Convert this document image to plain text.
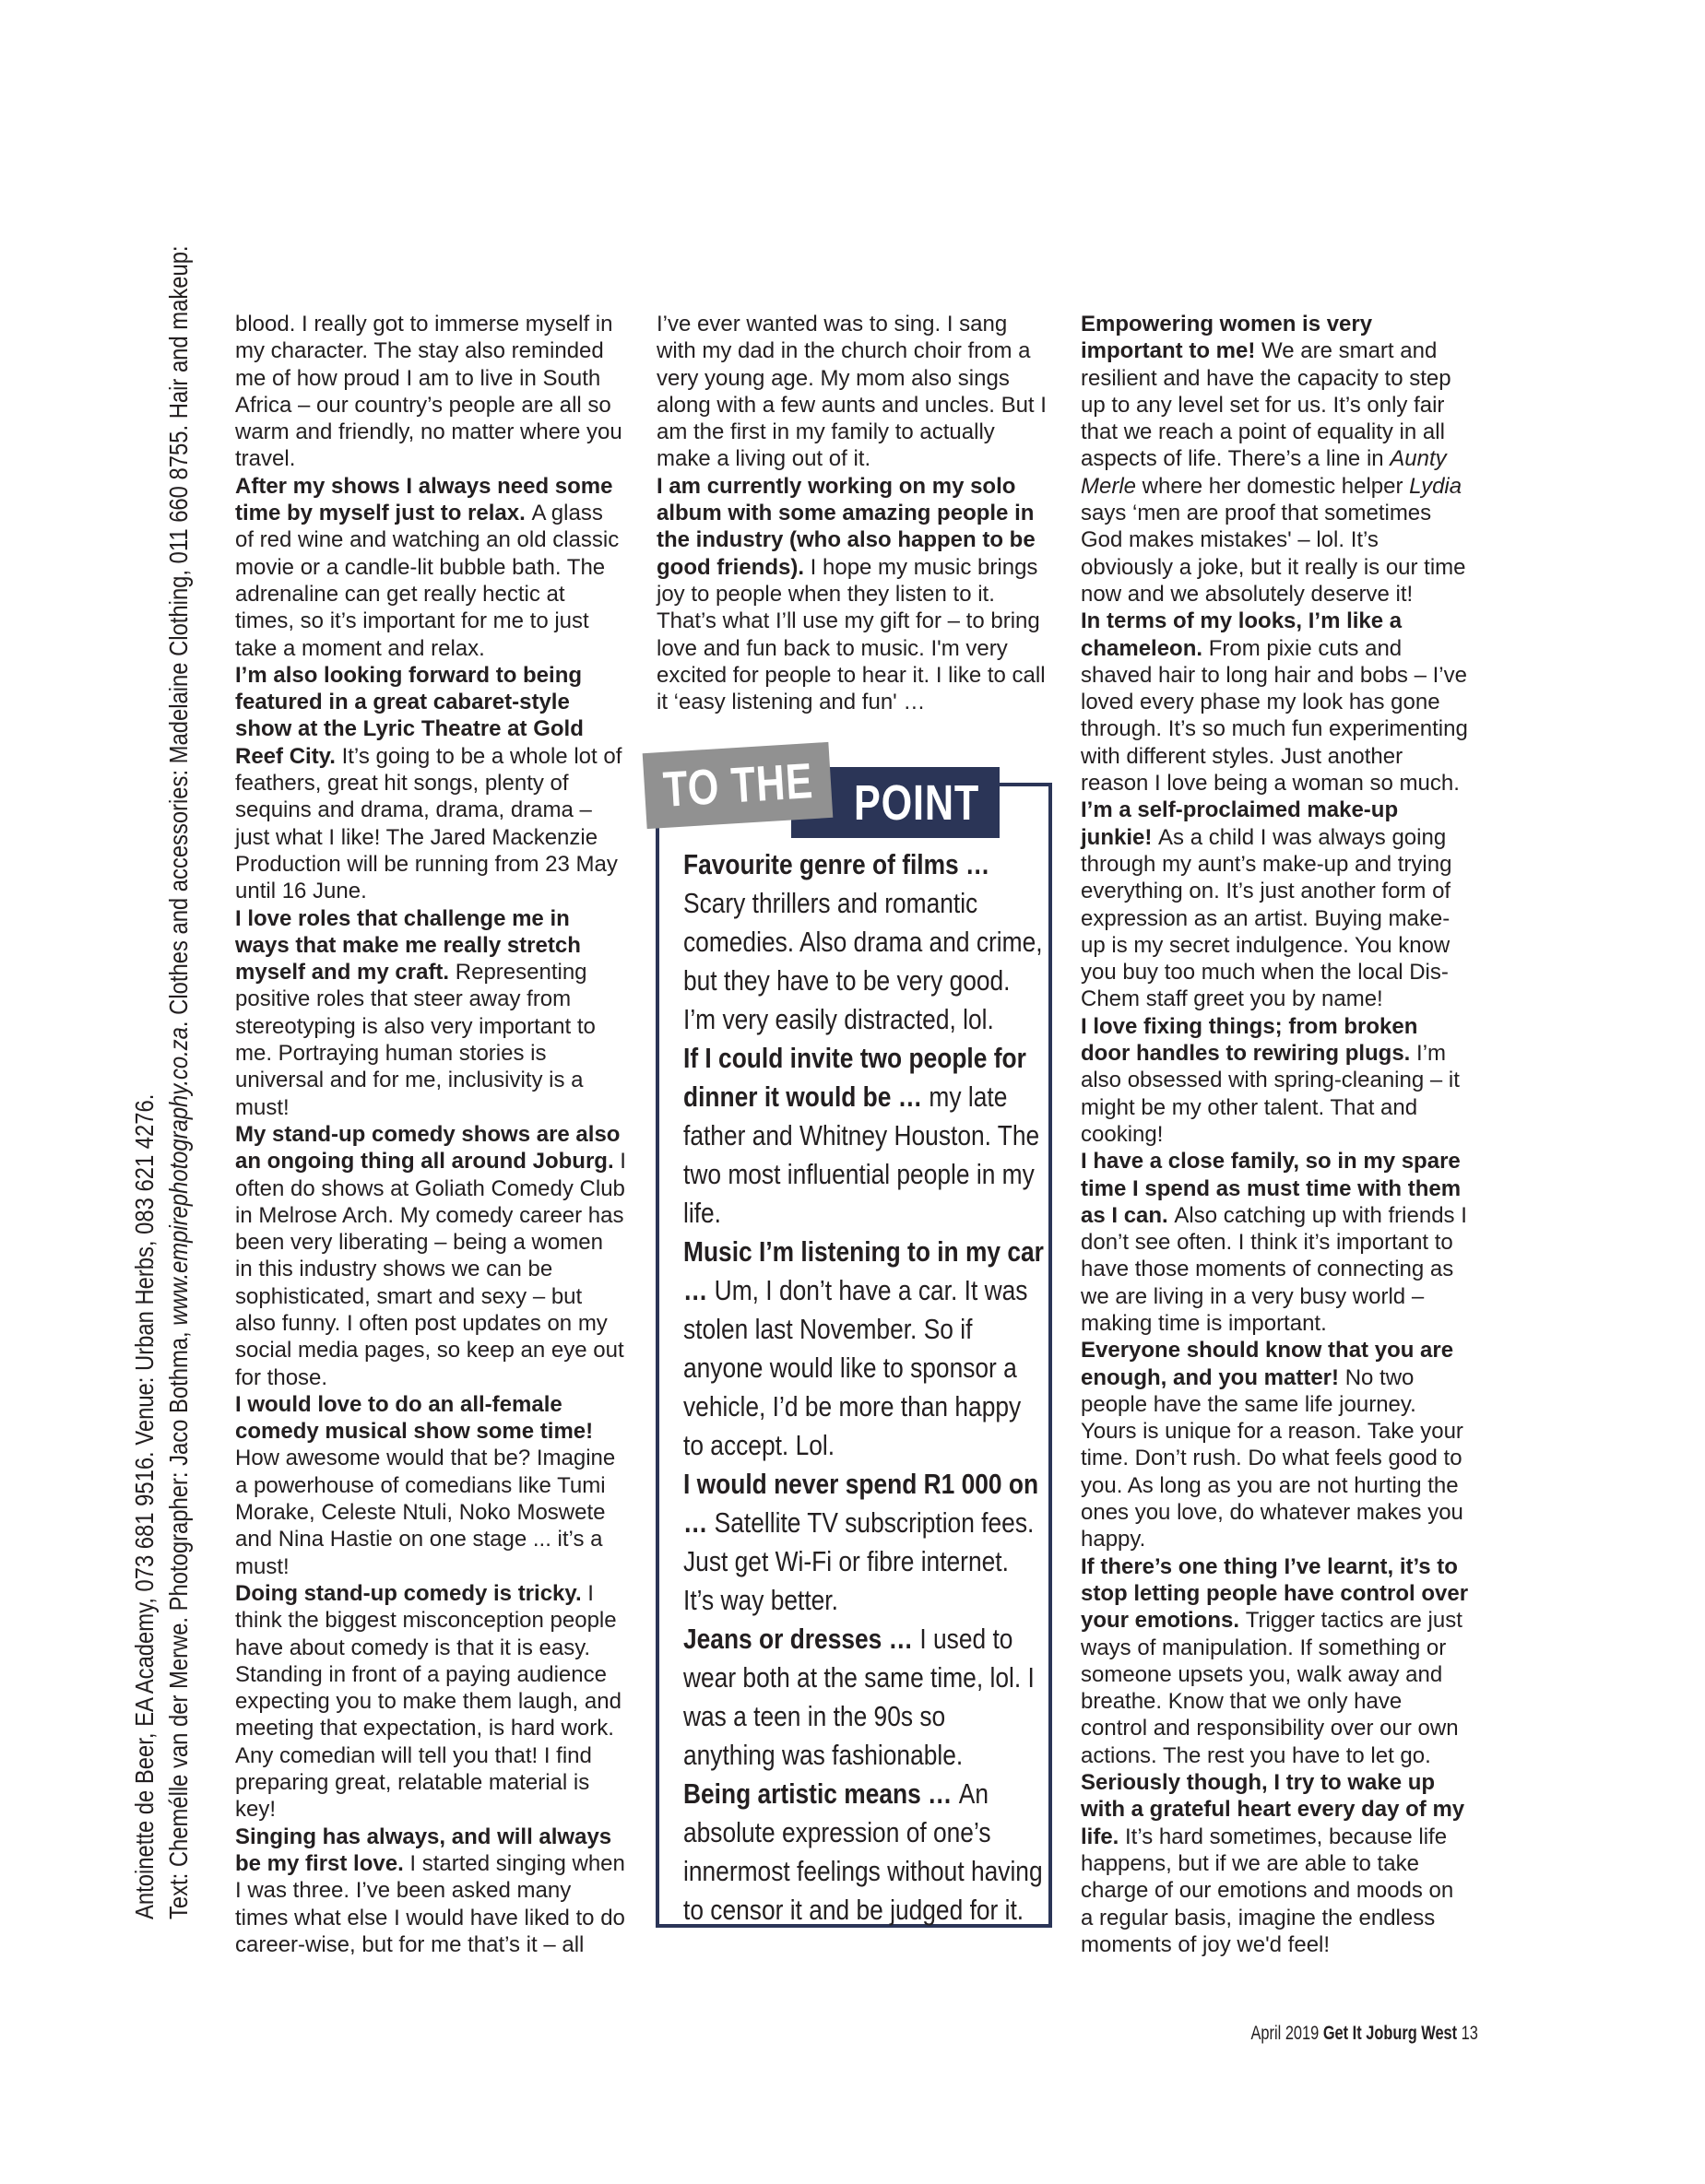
Antoinette de Beer, EA Academy, 073 681 9516. Venue: Urban Herbs, 083 621 4276. Text: Chemélle van der Merwe. Photographer: Jaco Bothma, www.empirephotography.co.za. Clothes and accessories: Madelaine Clothing, 011 660 8755. Hair and makeup: blood. I really got to immerse myself in my character. The stay also reminded me of how proud I am to live in South Africa – our country’s people are all so warm and friendly, no matter where you travel.

After my shows I always need some time by myself just to relax. A glass of red wine and watching an old classic movie or a candle-lit bubble bath. The adrenaline can get really hectic at times, so it’s important for me to just take a moment and relax.

I’m also looking forward to being featured in a great cabaret-style show at the Lyric Theatre at Gold Reef City. It’s going to be a whole lot of feathers, great hit songs, plenty of sequins and drama, drama, drama – just what I like! The Jared Mackenzie Production will be running from 23 May until 16 June.

I love roles that challenge me in ways that make me really stretch myself and my craft. Representing positive roles that steer away from stereotyping is also very important to me. Portraying human stories is universal and for me, inclusivity is a must!

My stand-up comedy shows are also an ongoing thing all around Joburg. I often do shows at Goliath Comedy Club in Melrose Arch. My comedy career has been very liberating – being a women in this industry shows we can be sophisticated, smart and sexy – but also funny. I often post updates on my social media pages, so keep an eye out for those.

I would love to do an all-female comedy musical show some time! How awesome would that be? Imagine a powerhouse of comedians like Tumi Morake, Celeste Ntuli, Noko Moswete and Nina Hastie on one stage ... it’s a must!

Doing stand-up comedy is tricky. I think the biggest misconception people have about comedy is that it is easy. Standing in front of a paying audience expecting you to make them laugh, and meeting that expectation, is hard work. Any comedian will tell you that! I find preparing great, relatable material is key!

Singing has always, and will always be my first love. I started singing when I was three. I’ve been asked many times what else I would have liked to do career-wise, but for me that’s it – all

I’ve ever wanted was to sing. I sang with my dad in the church choir from a very young age. My mom also sings along with a few aunts and uncles. But I am the first in my family to actually make a living out of it.

I am currently working on my solo album with some amazing people in the industry (who also happen to be good friends). I hope my music brings joy to people when they listen to it. That’s what I’ll use my gift for – to bring love and fun back to music. I'm very excited for people to hear it. I like to call it ‘easy listening and fun' …

POINT
TO THE

Favourite genre of films …Scary thrillers and romantic comedies. Also drama and crime, but they have to be very good. I’m very easily distracted, lol.

If I could invite two people for dinner it would be … my late father and Whitney Houston. The two most influential people in my life.

Music I’m listening to in my car … Um, I don’t have a car. It was stolen last November. So if anyone would like to sponsor a vehicle, I’d be more than happy to accept. Lol.

I would never spend R1 000 on … Satellite TV subscription fees. Just get Wi-Fi or fibre internet. It’s way better.

Jeans or dresses … I used to wear both at the same time, lol. I was a teen in the 90s so anything was fashionable.

Being artistic means … An absolute expression of one’s innermost feelings without having to censor it and be judged for it.

Empowering women is very important to me! We are smart and resilient and have the capacity to step up to any level set for us. It’s only fair that we reach a point of equality in all aspects of life. There’s a line in Aunty Merle where her domestic helper Lydia says ‘men are proof that sometimes God makes mistakes' – lol. It’s obviously a joke, but it really is our time now and we absolutely deserve it!

In terms of my looks, I’m like a chameleon. From pixie cuts and shaved hair to long hair and bobs – I’ve loved every phase my look has gone through. It’s so much fun experimenting with different styles. Just another reason I love being a woman so much.

I’m a self-proclaimed make-up junkie! As a child I was always going through my aunt’s make-up and trying everything on. It’s just another form of expression as an artist. Buying make-up is my secret indulgence. You know you buy too much when the local Dis-Chem staff greet you by name!

I love fixing things; from broken door handles to rewiring plugs. I’m also obsessed with spring-cleaning – it might be my other talent. That and cooking!

I have a close family, so in my spare time I spend as must time with them as I can. Also catching up with friends I don’t see often. I think it’s important to have those moments of connecting as we are living in a very busy world – making time is important.

Everyone should know that you are enough, and you matter! No two people have the same life journey. Yours is unique for a reason. Take your time. Don’t rush. Do what feels good to you. As long as you are not hurting the ones you love, do whatever makes you happy.

If there’s one thing I’ve learnt, it’s to stop letting people have control over your emotions. Trigger tactics are just ways of manipulation. If something or someone upsets you, walk away and breathe. Know that we only have control and responsibility over our own actions. The rest you have to let go.

Seriously though, I try to wake up with a grateful heart every day of my life. It’s hard sometimes, because life happens, but if we are able to take charge of our emotions and moods on a regular basis, imagine the endless moments of joy we'd feel!

April 2019 Get It Joburg West 13
